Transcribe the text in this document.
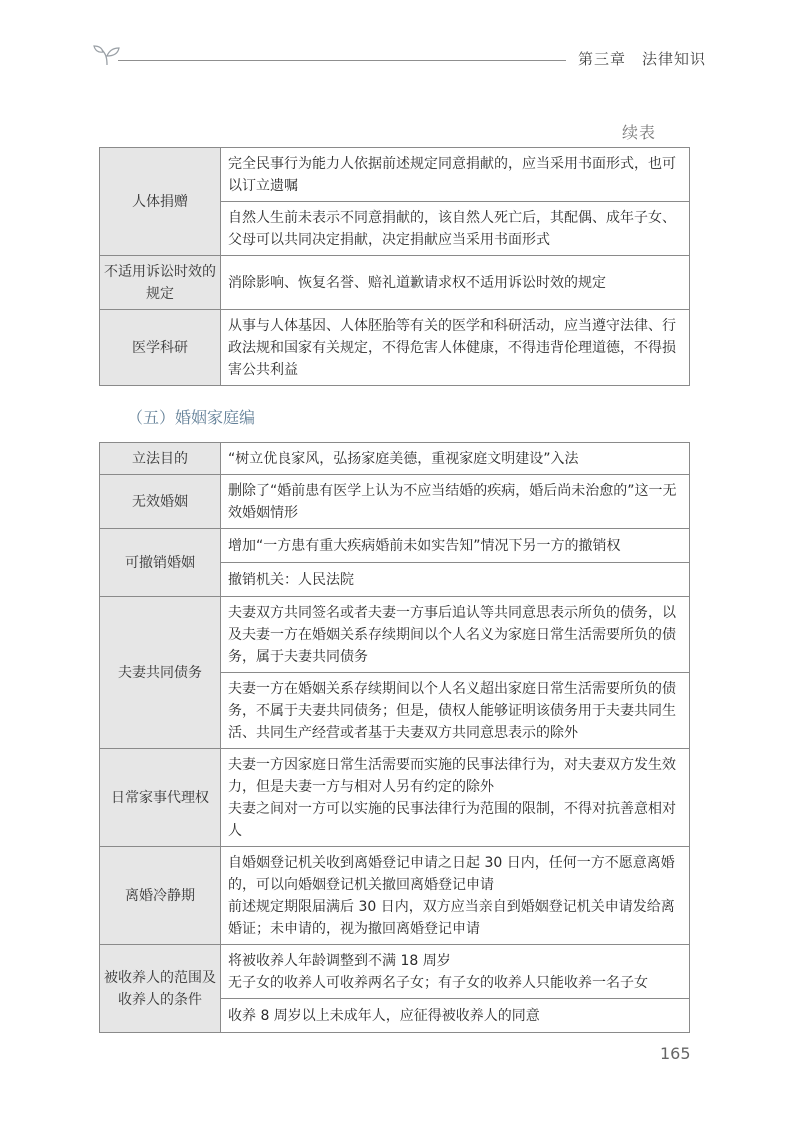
第三章　法律知识
续表
人体捐赠	完全民事行为能力人依据前述规定同意捐献的，应当采用书面形式，也可以订立遗嘱
	自然人生前未表示不同意捐献的，该自然人死亡后，其配偶、成年子女、父母可以共同决定捐献，决定捐献应当采用书面形式
不适用诉讼时效的规定	消除影响、恢复名誉、赔礼道歉请求权不适用诉讼时效的规定
医学科研	从事与人体基因、人体胚胎等有关的医学和科研活动，应当遵守法律、行政法规和国家有关规定，不得危害人体健康，不得违背伦理道德，不得损害公共利益
（五）婚姻家庭编
立法目的	“树立优良家风，弘扬家庭美德，重视家庭文明建设”入法
无效婚姻	删除了“婚前患有医学上认为不应当结婚的疾病，婚后尚未治愈的”这一无效婚姻情形
可撤销婚姻	增加“一方患有重大疾病婚前未如实告知”情况下另一方的撤销权
	撤销机关：人民法院
夫妻共同债务	夫妻双方共同签名或者夫妻一方事后追认等共同意思表示所负的债务，以及夫妻一方在婚姻关系存续期间以个人名义为家庭日常生活需要所负的债务，属于夫妻共同债务
	夫妻一方在婚姻关系存续期间以个人名义超出家庭日常生活需要所负的债务，不属于夫妻共同债务；但是，债权人能够证明该债务用于夫妻共同生活、共同生产经营或者基于夫妻双方共同意思表示的除外
日常家事代理权	夫妻一方因家庭日常生活需要而实施的民事法律行为，对夫妻双方发生效力，但是夫妻一方与相对人另有约定的除外
夫妻之间对一方可以实施的民事法律行为范围的限制，不得对抗善意相对人
离婚冷静期	自婚姻登记机关收到离婚登记申请之日起 30 日内，任何一方不愿意离婚的，可以向婚姻登记机关撤回离婚登记申请
前述规定期限届满后 30 日内，双方应当亲自到婚姻登记机关申请发给离婚证；未申请的，视为撤回离婚登记申请
被收养人的范围及收养人的条件	将被收养人年龄调整到不满 18 周岁
无子女的收养人可收养两名子女；有子女的收养人只能收养一名子女
	收养 8 周岁以上未成年人，应征得被收养人的同意
165
